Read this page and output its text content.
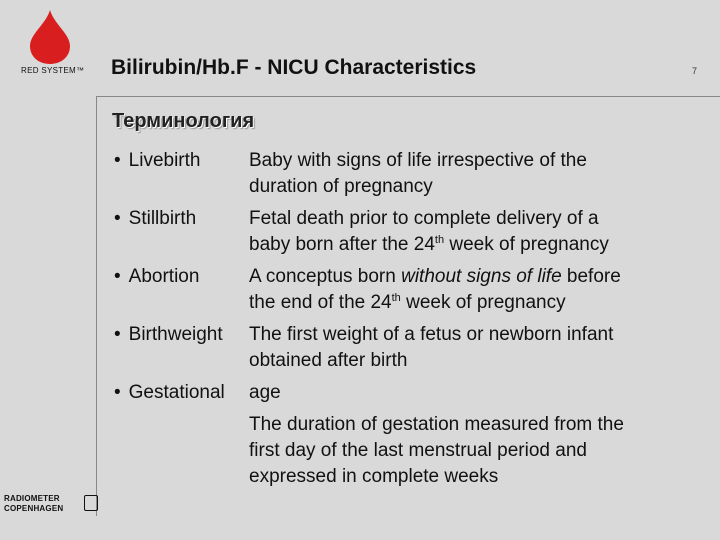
RED SYSTEM™ Bilirubin/Hb.F - NICU Characteristics	7
Терминология
• Livebirth	Baby with signs of life irrespective of the
duration of pregnancy
• Stillbirth	Fetal death prior to complete delivery of a
baby born after the 24th week of pregnancy
• Abortion	A conceptus born without signs of life before
the end of the 24th week of pregnancy
• Birthweight The first weight of a fetus or newborn infant
obtained after birth
• Gestational age
The duration of gestation measured from the
first day of the last menstrual period and
expressed in complete weeks
RADIOMETER
COPENHAGEN
